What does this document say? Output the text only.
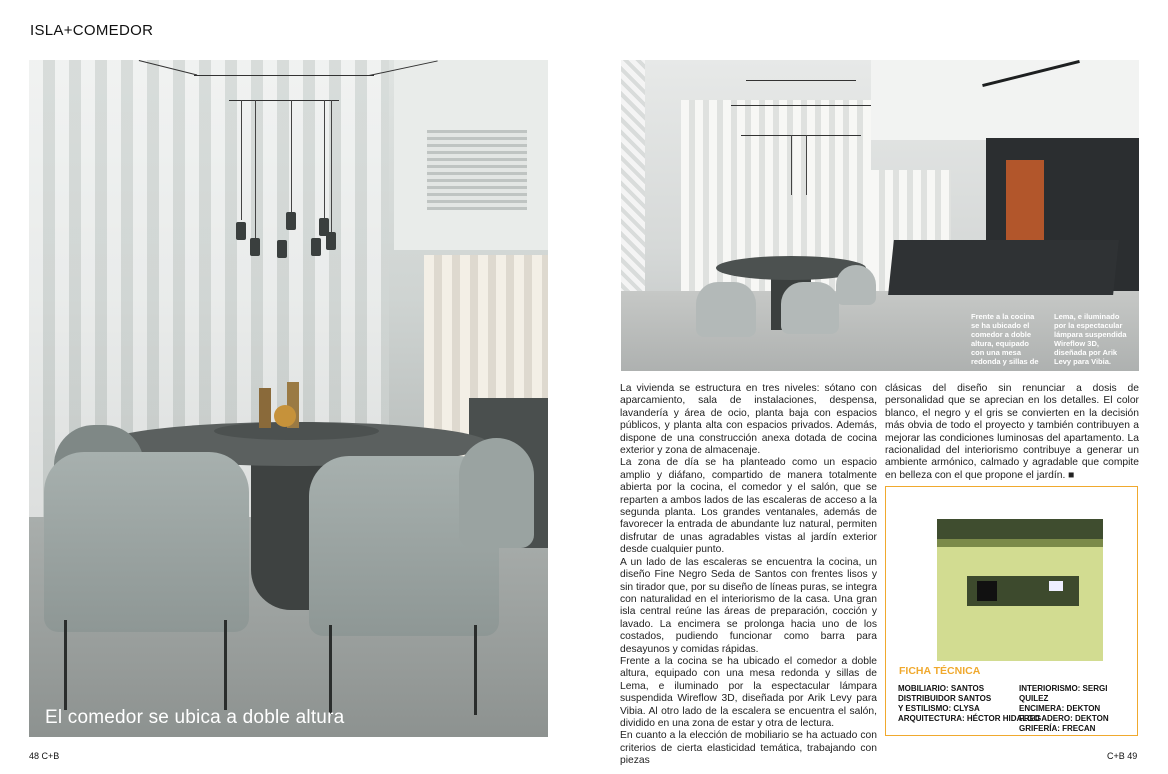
ISLA+COMEDOR
El comedor se ubica a doble altura
Frente a la cocina
se ha ubicado el
comedor a doble
altura, equipado
con una mesa
redonda y sillas de
Lema, e iluminado
por la espectacular
lámpara suspendida
Wireflow 3D,
diseñada por Arik
Levy para Vibia.

La vivienda se estructura en tres niveles: sótano con aparcamiento, sala de instalaciones, despensa, lavandería y área de ocio, planta baja con espacios públicos, y planta alta con espacios privados. Además, dispone de una construcción anexa dotada de cocina exterior y zona de almacenaje.

La zona de día se ha planteado como un espacio amplio y diáfano, compartido de manera totalmente abierta por la cocina, el comedor y el salón, que se reparten a ambos lados de las escaleras de acceso a la segunda planta. Los grandes ventanales, además de favorecer la entrada de abundante luz natural, permiten disfrutar de unas agradables vistas al jardín exterior desde cualquier punto.

A un lado de las escaleras se encuentra la cocina, un diseño Fine Negro Seda de Santos con frentes lisos y sin tirador que, por su diseño de líneas puras, se integra con naturalidad en el interiorismo de la casa. Una gran isla central reúne las áreas de preparación, cocción y lavado. La encimera se prolonga hacia uno de los costados, pudiendo funcionar como barra para desayunos y comidas rápidas.

Frente a la cocina se ha ubicado el comedor a doble altura, equipado con una mesa redonda y sillas de Lema, e iluminado por la espectacular lámpara suspendida Wireflow 3D, diseñada por Arik Levy para Vibia. Al otro lado de la escalera se encuentra el salón, dividido en una zona de estar y otra de lectura.

En cuanto a la elección de mobiliario se ha actuado con criterios de cierta elasticidad temática, trabajando con piezas

clásicas del diseño sin renunciar a dosis de personalidad que se aprecian en los detalles. El color blanco, el negro y el gris se convierten en la decisión más obvia de todo el proyecto y también contribuyen a mejorar las condiciones luminosas del apartamento. La racionalidad del interiorismo contribuye a generar un ambiente armónico, calmado y agradable que compite en belleza con el que propone el jardín. ■

FICHA TÉCNICA
MOBILIARIO: SANTOS
DISTRIBUIDOR SANTOS
Y ESTILISMO: CLYSA
ARQUITECTURA: HÉCTOR HIDALGO
INTERIORISMO: SERGI QUILEZ
ENCIMERA: DEKTON
FREGADERO: DEKTON
GRIFERÍA: FRECAN
48 C+B	C+B 49
